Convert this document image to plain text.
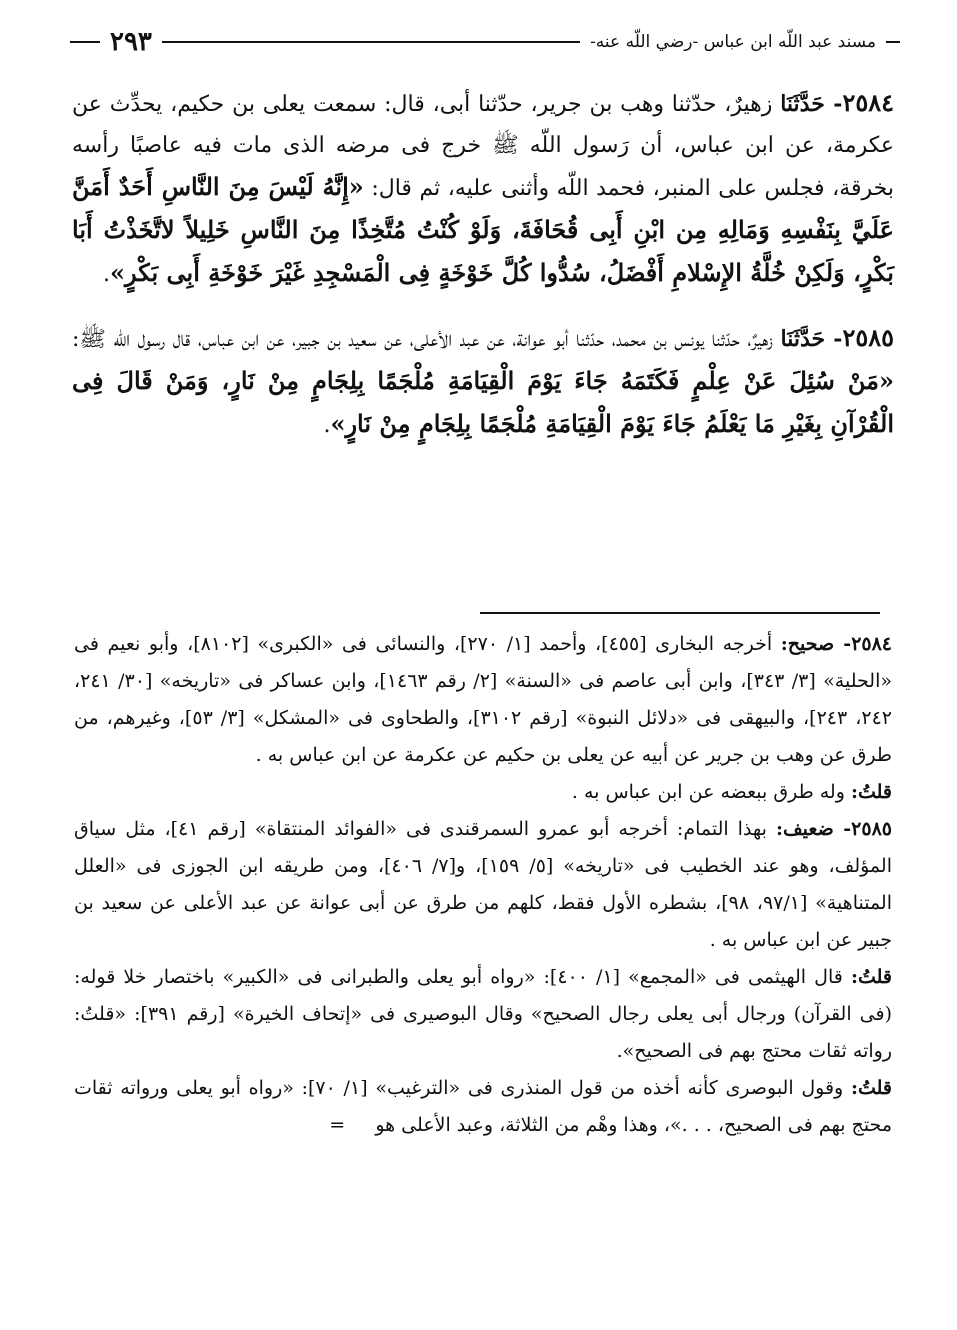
مسند عبد اللّه ابن عباس -رضي اللّه عنه-
٢٩٣

٢٥٨٤- حَدَّثَنَا زهيرٌ، حدّثنا وهب بن جرير، حدّثنا أبى، قال: سمعت يعلى بن حكيم، يحدِّث عن عكرمة، عن ابن عباس، أن رَسول اللّه ﷺ خرج فى مرضه الذى مات فيه عاصبًا رأسه بخرقة، فجلس على المنبر، فحمد اللّه وأثنى عليه، ثم قال: «إِنَّهُ لَيْسَ مِنَ النَّاسِ أَحَدٌ أَمَنَّ عَلَيَّ بِنَفْسِهِ وَمَالِهِ مِن ابْنِ أَبِى قُحَافَةَ، وَلَوْ كُنْتُ مُتَّخِذًا مِنَ النَّاسِ خَلِيلاً لاتَّخَذْتُ أَبَا بَكْرٍ، وَلَكِنْ خُلَّةُ الإِسْلامِ أَفْضَلُ، سُدُّوا كُلَّ خَوْخَةٍ فِى الْمَسْجِدِ غَيْرَ خَوْخَةِ أَبِى بَكْرٍ».

٢٥٨٥- حَدَّثَنَا زهيرٌ، حدّثنا يونس بن محمد، حدّثنا أبو عوانة، عن عبد الأعلى، عن سعيد بن جبير، عن ابن عباس، قال رسول اللّه ﷺ: «مَنْ سُئِلَ عَنْ عِلْمٍ فَكَتَمَهُ جَاءَ يَوْمَ الْقِيَامَةِ مُلْجَمًا بِلِجَامٍ مِنْ نَارٍ، وَمَنْ قَالَ فِى الْقُرْآنِ بِغَيْرِ مَا يَعْلَمُ جَاءَ يَوْمَ الْقِيَامَةِ مُلْجَمًا بِلِجَامٍ مِنْ نَارٍ».

٢٥٨٤- صحيح: أخرجه البخارى [٤٥٥]، وأحمد [١/ ٢٧٠]، والنسائى فى «الكبرى» [٨١٠٢]، وأبو نعيم فى «الحلية» [٣/ ٣٤٣]، وابن أبى عاصم فى «السنة» [٢/ رقم ١٤٦٣]، وابن عساكر فى «تاريخه» [٣٠/ ٢٤١، ٢٤٢، ٢٤٣]، والبيهقى فى «دلائل النبوة» [رقم ٣١٠٢]، والطحاوى فى «المشكل» [٣/ ٥٣]، وغيرهم، من طرق عن وهب بن جرير عن أبيه عن يعلى بن حكيم عن عكرمة عن ابن عباس به .

قلتُ: وله طرق ببعضه عن ابن عباس به .

٢٥٨٥- ضعيف: بهذا التمام: أخرجه أبو عمرو السمرقندى فى «الفوائد المنتقاة» [رقم ٤١]، مثل سياق المؤلف، وهو عند الخطيب فى «تاريخه» [٥/ ١٥٩]، و[٧/ ٤٠٦]، ومن طريقه ابن الجوزى فى «العلل المتناهية» [٩٧/١، ٩٨]، بشطره الأول فقط، كلهم من طرق عن أبى عوانة عن عبد الأعلى عن سعيد بن جبير عن ابن عباس به .

قلتُ: قال الهيثمى فى «المجمع» [١/ ٤٠٠]: «رواه أبو يعلى والطبرانى فى «الكبير» باختصار خلا قوله: (فى القرآن) ورجال أبى يعلى رجال الصحيح» وقال البوصيرى فى «إتحاف الخيرة» [رقم ٣٩١]: «قلتُ: رواته ثقات محتج بهم فى الصحيح».

قلتُ: وقول البوصرى كأنه أخذه من قول المنذرى فى «الترغيب» [١/ ٧٠]: «رواه أبو يعلى ورواته ثقات محتج بهم فى الصحيح، . . .»، وهذا وهْم من الثلاثة، وعبد الأعلى هو     =
